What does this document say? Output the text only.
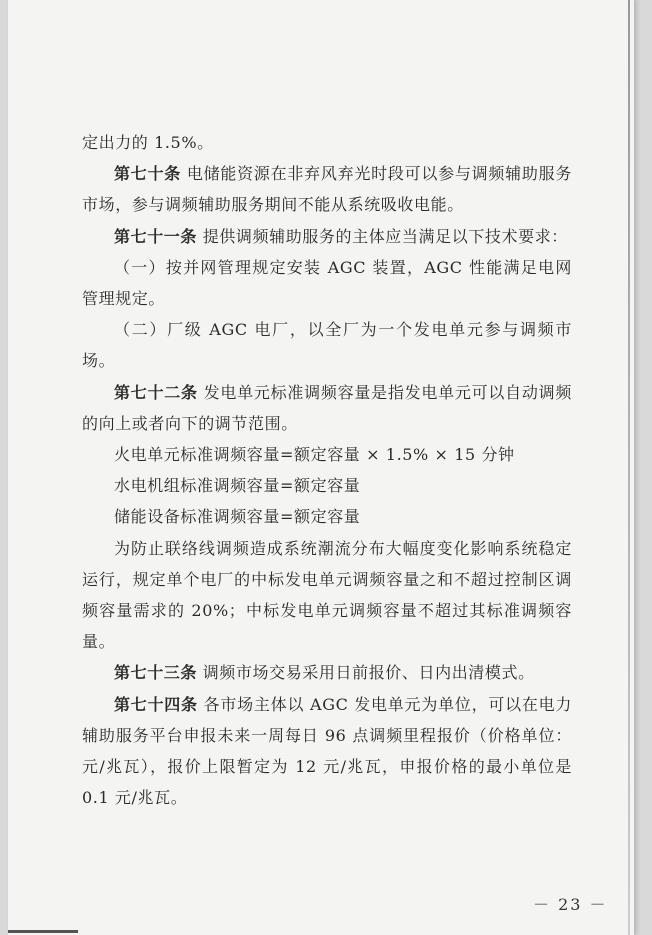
定出力的 1.5%。

第七十条 电储能资源在非弃风弃光时段可以参与调频辅助服务市场，参与调频辅助服务期间不能从系统吸收电能。

第七十一条 提供调频辅助服务的主体应当满足以下技术要求：

（一）按并网管理规定安装 AGC 装置，AGC 性能满足电网管理规定。

（二）厂级 AGC 电厂，以全厂为一个发电单元参与调频市场。

第七十二条 发电单元标准调频容量是指发电单元可以自动调频的向上或者向下的调节范围。

火电单元标准调频容量=额定容量 × 1.5% × 15 分钟

水电机组标准调频容量=额定容量

储能设备标准调频容量=额定容量

为防止联络线调频造成系统潮流分布大幅度变化影响系统稳定运行，规定单个电厂的中标发电单元调频容量之和不超过控制区调频容量需求的 20%；中标发电单元调频容量不超过其标准调频容量。

第七十三条 调频市场交易采用日前报价、日内出清模式。

第七十四条 各市场主体以 AGC 发电单元为单位，可以在电力辅助服务平台申报未来一周每日 96 点调频里程报价（价格单位：元/兆瓦），报价上限暂定为 12 元/兆瓦，申报价格的最小单位是 0.1 元/兆瓦。

－ 23 －
